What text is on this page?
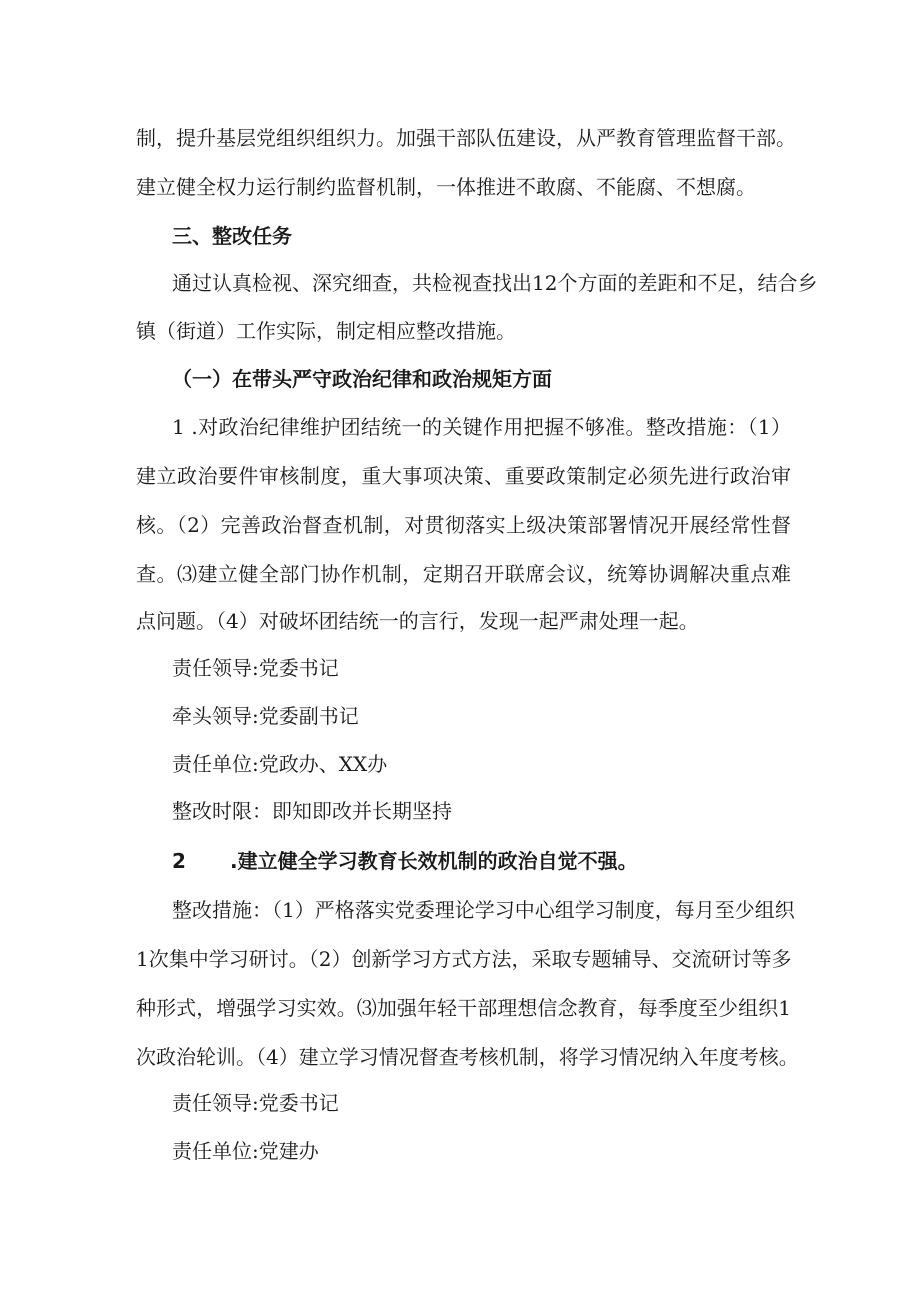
制，提升基层党组织组织力。加强干部队伍建设，从严教育管理监督干部。
建立健全权力运行制约监督机制，一体推进不敢腐、不能腐、不想腐。
三、整改任务
通过认真检视、深究细查，共检视查找出12个方面的差距和不足，结合乡
镇（街道）工作实际，制定相应整改措施。
（一）在带头严守政治纪律和政治规矩方面
1 .对政治纪律维护团结统一的关键作用把握不够准。整改措施：（1）
建立政治要件审核制度，重大事项决策、重要政策制定必须先进行政治审
核。（2）完善政治督查机制，对贯彻落实上级决策部署情况开展经常性督
查。⑶建立健全部门协作机制，定期召开联席会议，统筹协调解决重点难
点问题。（4）对破坏团结统一的言行，发现一起严肃处理一起。
责任领导:党委书记
牵头领导:党委副书记
责任单位:党政办、XX办
整改时限：即知即改并长期坚持
2 .建立健全学习教育长效机制的政治自觉不强。
整改措施：（1）严格落实党委理论学习中心组学习制度，每月至少组织
1次集中学习研讨。（2）创新学习方式方法，采取专题辅导、交流研讨等多
种形式，增强学习实效。⑶加强年轻干部理想信念教育，每季度至少组织1
次政治轮训。（4）建立学习情况督查考核机制，将学习情况纳入年度考核。
责任领导:党委书记
责任单位:党建办
